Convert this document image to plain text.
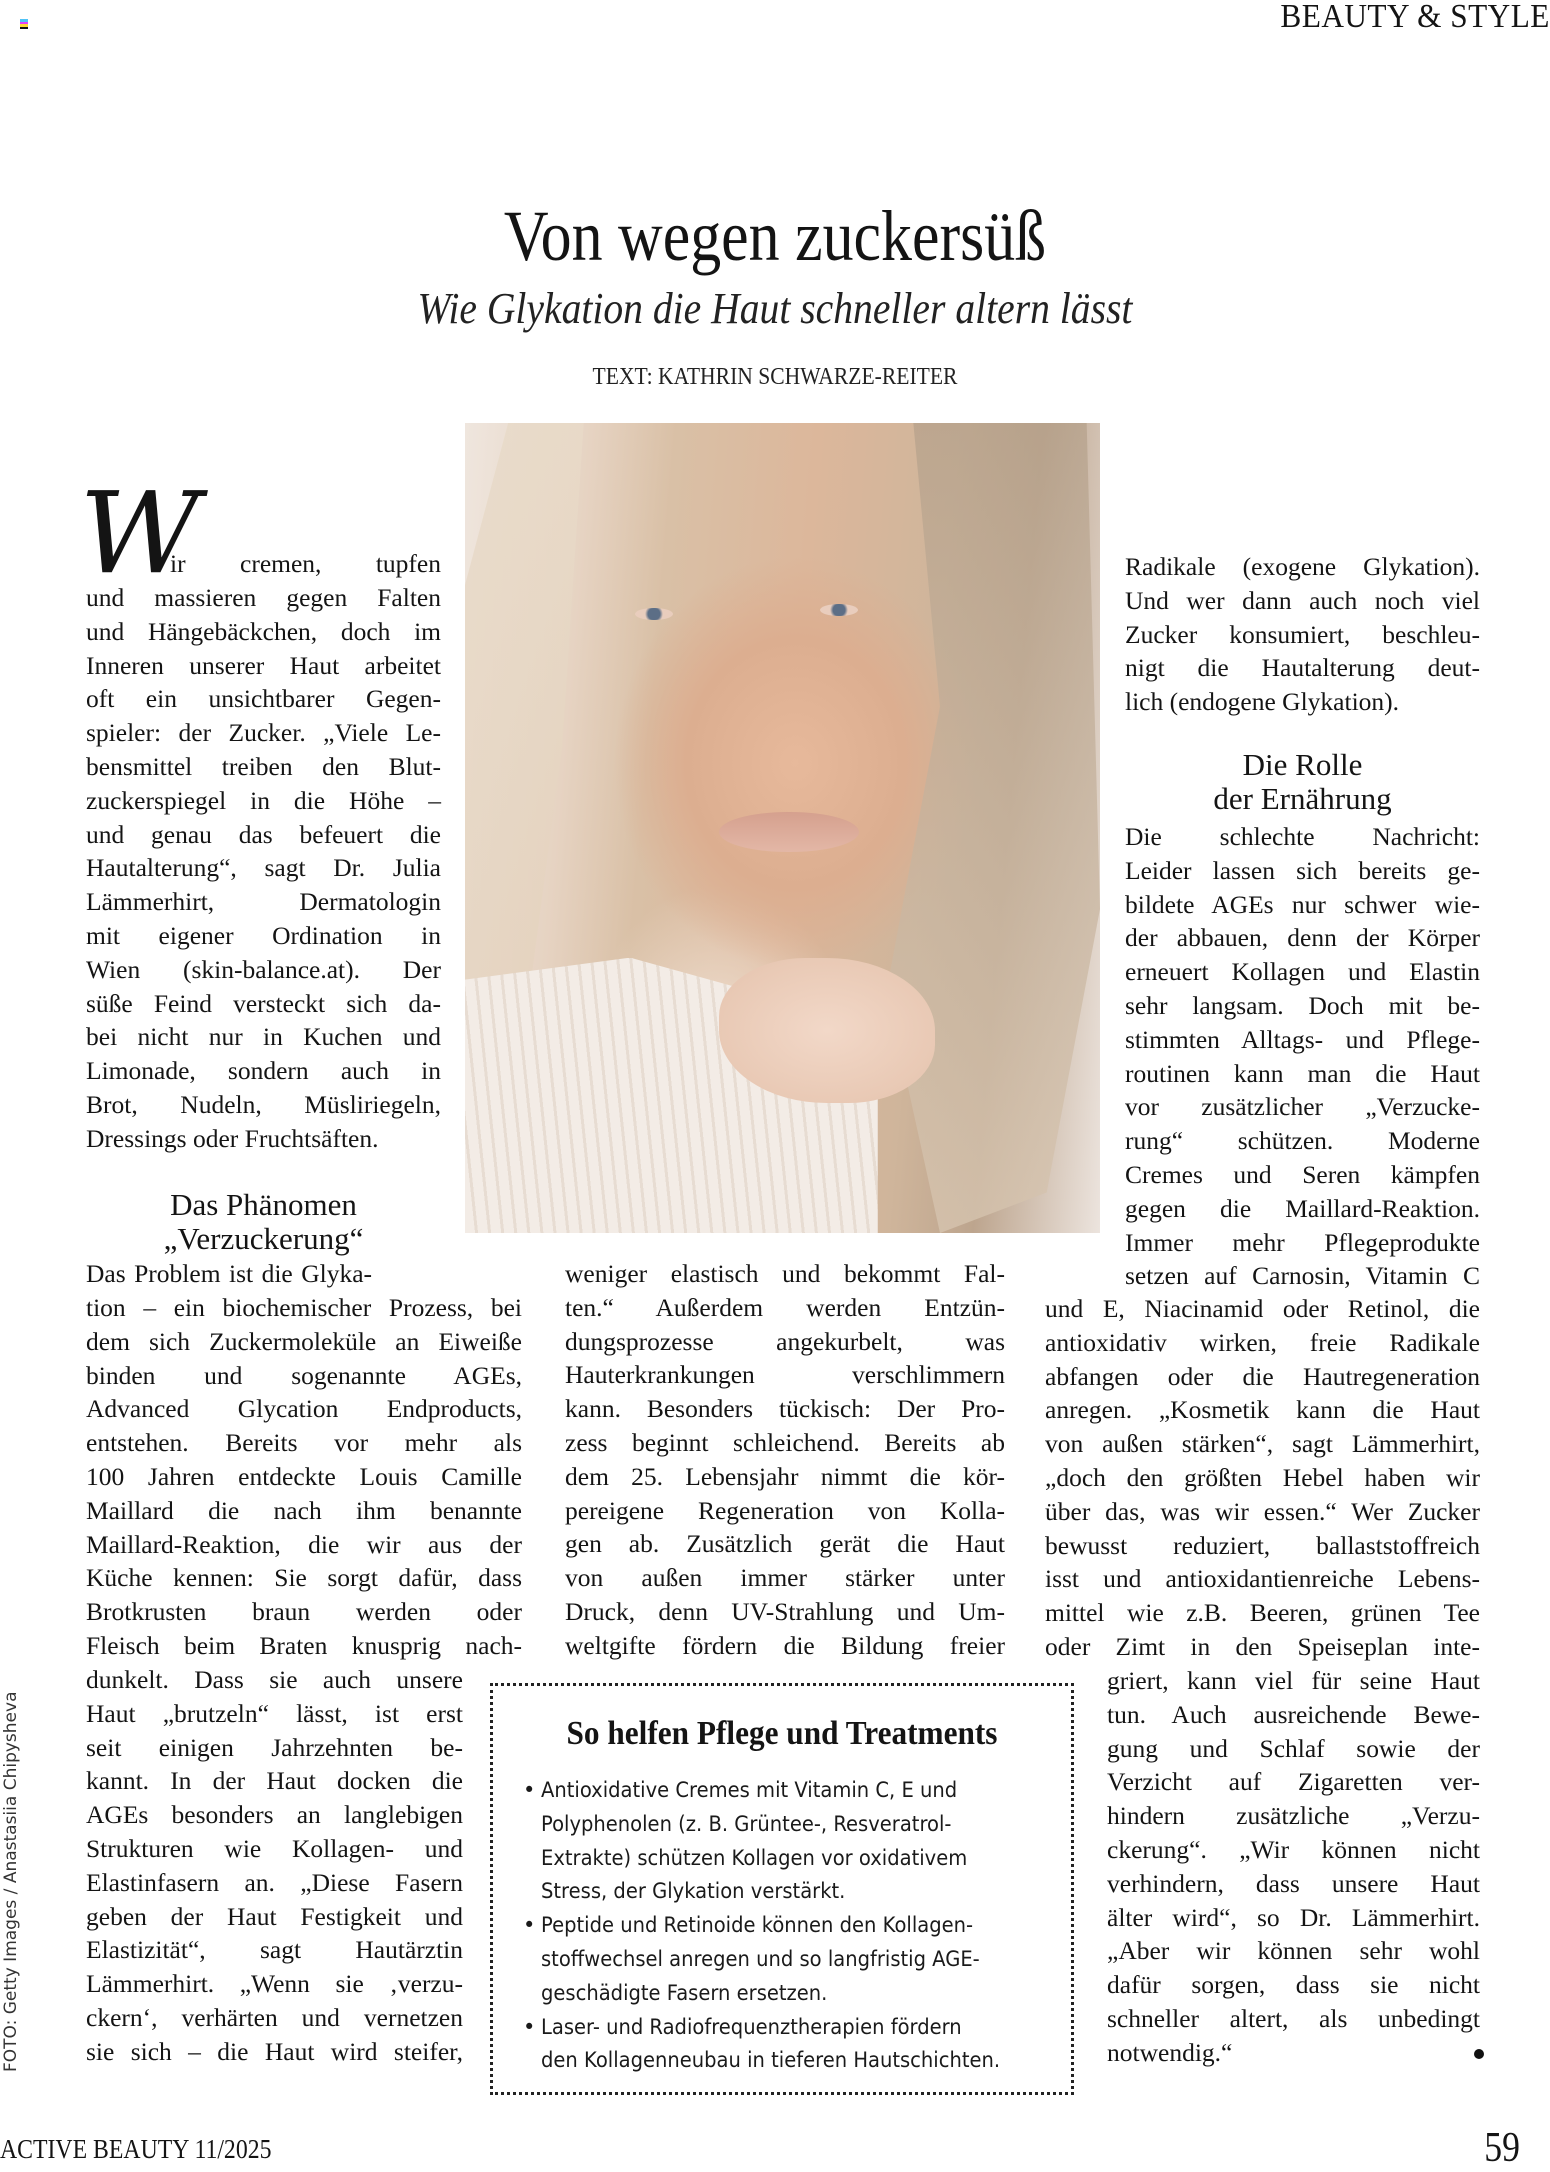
BEAUTY & STYLE
Von wegen zuckersüß
Wie Glykation die Haut schneller altern lässt
TEXT: KATHRIN SCHWARZE-REITER
W
ir cremen, tupfen
und massieren gegen Falten
und Hängebäckchen, doch im
Inneren unserer Haut arbeitet
oft ein unsichtbarer Gegen-
spieler: der Zucker. „Viele Le-
bensmittel treiben den Blut-
zuckerspiegel in die Höhe –
und genau das befeuert die
Hautalterung“, sagt Dr. Julia
Lämmerhirt, Dermatologin
mit eigener Ordination in
Wien (skin-balance.at). Der
süße Feind versteckt sich da-
bei nicht nur in Kuchen und
Limonade, sondern auch in
Brot, Nudeln, Müsliriegeln,
Dressings oder Fruchtsäften.
Das Phänomen
„Verzuckerung“
Das Problem ist die Glyka-
tion – ein biochemischer Prozess, bei
dem sich Zuckermoleküle an Eiweiße
binden und sogenannte AGEs,
Advanced Glycation Endproducts,
entstehen. Bereits vor mehr als
100 Jahren entdeckte Louis Camille
Maillard die nach ihm benannte
Maillard-Reaktion, die wir aus der
Küche kennen: Sie sorgt dafür, dass
Brotkrusten braun werden oder
Fleisch beim Braten knusprig nach-
dunkelt. Dass sie auch unsere
Haut „brutzeln“ lässt, ist erst
seit einigen Jahrzehnten be-
kannt. In der Haut docken die
AGEs besonders an langlebigen
Strukturen wie Kollagen- und
Elastinfasern an. „Diese Fasern
geben der Haut Festigkeit und
Elastizität“, sagt Hautärztin
Lämmerhirt. „Wenn sie ‚verzu-
ckern‘, verhärten und vernetzen
sie sich – die Haut wird steifer,
weniger elastisch und bekommt Fal-
ten.“ Außerdem werden Entzün-
dungsprozesse angekurbelt, was
Hauterkrankungen verschlimmern
kann. Besonders tückisch: Der Pro-
zess beginnt schleichend. Bereits ab
dem 25. Lebensjahr nimmt die kör-
pereigene Regeneration von Kolla-
gen ab. Zusätzlich gerät die Haut
von außen immer stärker unter
Druck, denn UV-Strahlung und Um-
weltgifte fördern die Bildung freier
Radikale (exogene Glykation).
Und wer dann auch noch viel
Zucker konsumiert, beschleu-
nigt die Hautalterung deut-
lich (endogene Glykation).
Die Rolle
der Ernährung
Die schlechte Nachricht:
Leider lassen sich bereits ge-
bildete AGEs nur schwer wie-
der abbauen, denn der Körper
erneuert Kollagen und Elastin
sehr langsam. Doch mit be-
stimmten Alltags- und Pflege-
routinen kann man die Haut
vor zusätzlicher „Verzucke-
rung“ schützen. Moderne
Cremes und Seren kämpfen
gegen die Maillard-Reaktion.
Immer mehr Pflegeprodukte
setzen auf Carnosin, Vitamin C
und E, Niacinamid oder Retinol, die
antioxidativ wirken, freie Radikale
abfangen oder die Hautregeneration
anregen. „Kosmetik kann die Haut
von außen stärken“, sagt Lämmerhirt,
„doch den größten Hebel haben wir
über das, was wir essen.“ Wer Zucker
bewusst reduziert, ballaststoffreich
isst und antioxidantienreiche Lebens-
mittel wie z.B. Beeren, grünen Tee
oder Zimt in den Speiseplan inte-
griert, kann viel für seine Haut
tun. Auch ausreichende Bewe-
gung und Schlaf sowie der
Verzicht auf Zigaretten ver-
hindern zusätzliche „Verzu-
ckerung“. „Wir können nicht
verhindern, dass unsere Haut
älter wird“, so Dr. Lämmerhirt.
„Aber wir können sehr wohl
dafür sorgen, dass sie nicht
schneller altert, als unbedingt
notwendig.“
So helfen Pflege und Treatments
• Antioxidative Cremes mit Vitamin C, E und
Polyphenolen (z. B. Grüntee-, Resveratrol-
Extrakte) schützen Kollagen vor oxidativem
Stress, der Glykation verstärkt.
• Peptide und Retinoide können den Kollagen-
stoffwechsel anregen und so langfristig AGE-
geschädigte Fasern ersetzen.
• Laser- und Radiofrequenztherapien fördern
den Kollagenneubau in tieferen Hautschichten.
FOTO: Getty Images / Anastasiia Chipysheva
ACTIVE BEAUTY 11/2025	59
